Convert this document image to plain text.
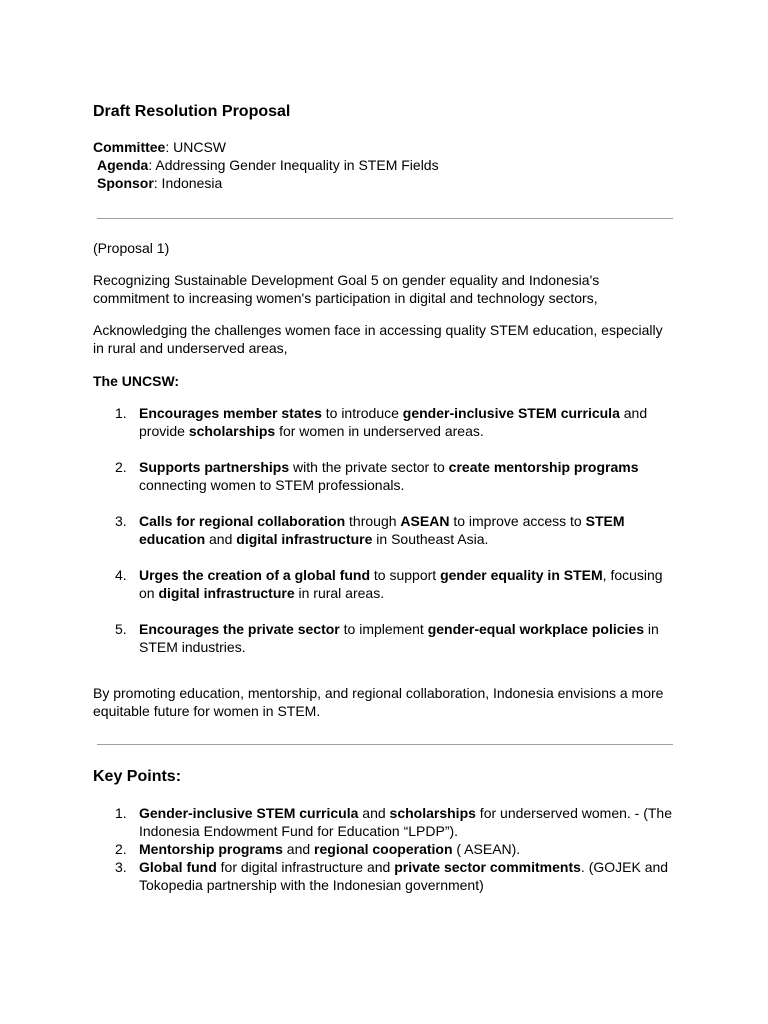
Draft Resolution Proposal
Committee: UNCSW
Agenda: Addressing Gender Inequality in STEM Fields
Sponsor: Indonesia
(Proposal 1)
Recognizing Sustainable Development Goal 5 on gender equality and Indonesia's commitment to increasing women's participation in digital and technology sectors,
Acknowledging the challenges women face in accessing quality STEM education, especially in rural and underserved areas,
The UNCSW:
1. Encourages member states to introduce gender-inclusive STEM curricula and provide scholarships for women in underserved areas.
2. Supports partnerships with the private sector to create mentorship programs connecting women to STEM professionals.
3. Calls for regional collaboration through ASEAN to improve access to STEM education and digital infrastructure in Southeast Asia.
4. Urges the creation of a global fund to support gender equality in STEM, focusing on digital infrastructure in rural areas.
5. Encourages the private sector to implement gender-equal workplace policies in STEM industries.
By promoting education, mentorship, and regional collaboration, Indonesia envisions a more equitable future for women in STEM.
Key Points:
1. Gender-inclusive STEM curricula and scholarships for underserved women. - (The Indonesia Endowment Fund for Education “LPDP”).
2. Mentorship programs and regional cooperation ( ASEAN).
3. Global fund for digital infrastructure and private sector commitments. (GOJEK and Tokopedia partnership with the Indonesian government)
